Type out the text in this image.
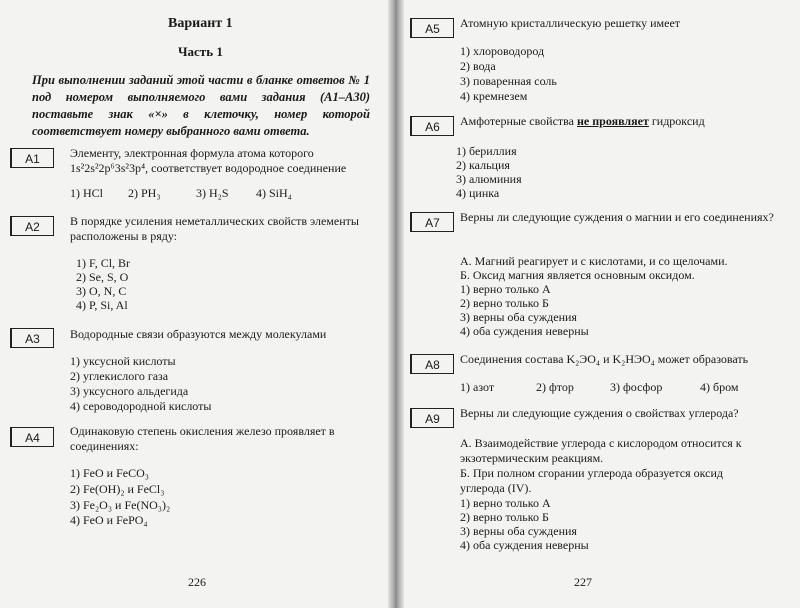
Вариант 1
Часть 1
При выполнении заданий этой части в бланке ответов № 1 под номером выполняемого вами задания (А1–А30) поставьте знак «×» в клеточку, номер которой соответствует номеру выбранного вами ответа.
A1	Элементу, электронная формула атома которого 1s²2s²2p⁶3s²3p⁴, соответствует водородное соединение
1) HCl 2) PH₃	3) H₂S 4) SiH₄
A2	В порядке усиления неметаллических свойств элементы расположены в ряду:
1) F, Cl, Br
2) Se, S, O
3) O, N, C
4) P, Si, Al
A3	Водородные связи образуются между молекулами
1) уксусной кислоты
2) углекислого газа
3) уксусного альдегида
4) сероводородной кислоты
A4	Одинаковую степень окисления железо проявляет в соединениях:
1) FeO и FeCO₃
2) Fe(OH)₂ и FeCl₃
3) Fe₂O₃ и Fe(NO₃)₂
4) FeO и FePO₄
226
A5	Атомную кристаллическую решетку имеет
1) хлороводород
2) вода
3) поваренная соль
4) кремнезем
A6	Амфотерные свойства не проявляет гидроксид
1) бериллия
2) кальция
3) алюминия
4) цинка
A7	Верны ли следующие суждения о магнии и его соединениях?
А. Магний реагирует и с кислотами, и со щелочами.
Б. Оксид магния является основным оксидом.
1) верно только А
2) верно только Б
3) верны оба суждения
4) оба суждения неверны
A8	Соединения состава K₂ЭO₄ и K₂HЭO₄ может образовать
1) азот	2) фтор	3) фосфор	4) бром
A9	Верны ли следующие суждения о свойствах углерода?
А. Взаимодействие углерода с кислородом относится к экзотермическим реакциям.
Б. При полном сгорании углерода образуется оксид углерода (IV).
1) верно только А
2) верно только Б
3) верны оба суждения
4) оба суждения неверны
227
